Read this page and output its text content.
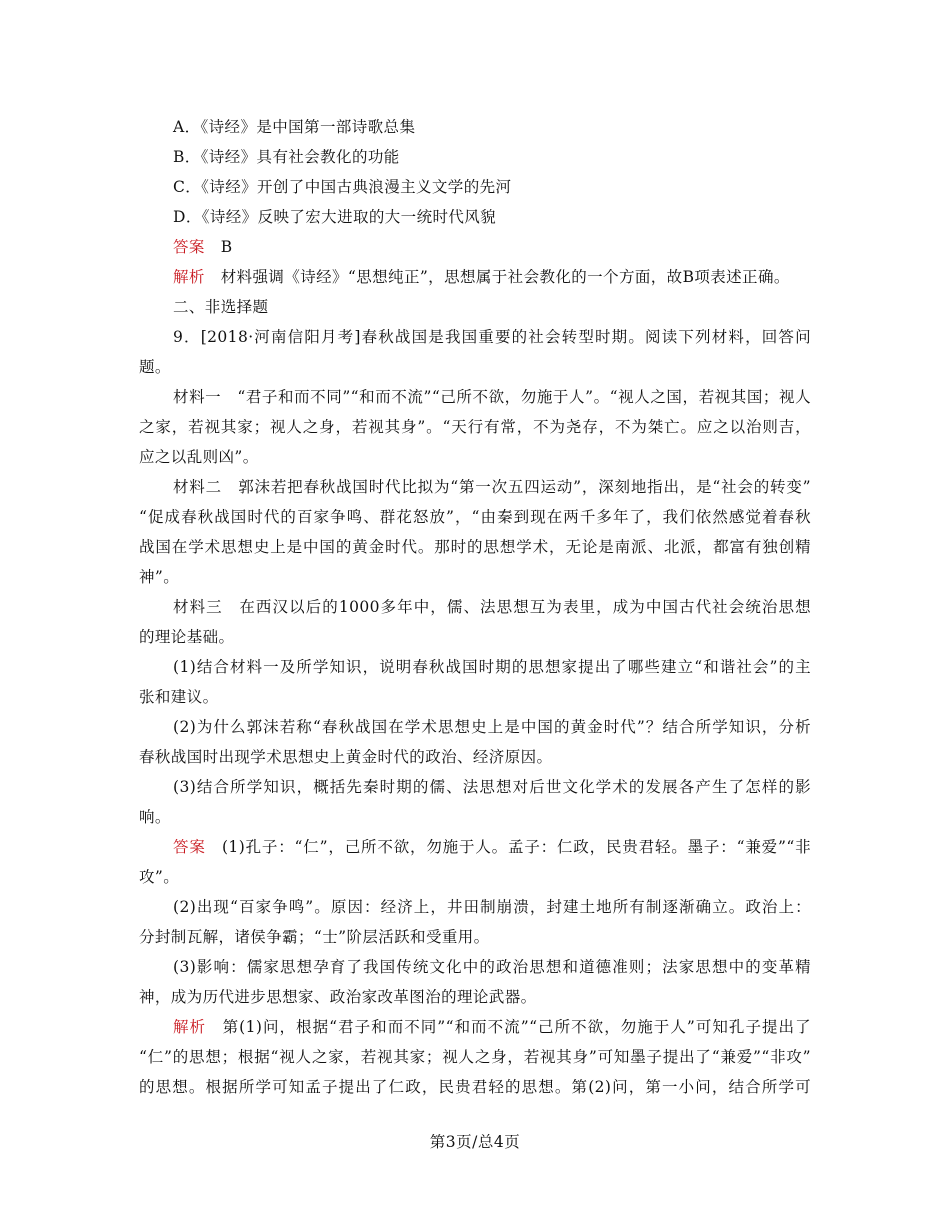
A．《诗经》是中国第一部诗歌总集
B．《诗经》具有社会教化的功能
C．《诗经》开创了中国古典浪漫主义文学的先河
D．《诗经》反映了宏大进取的大一统时代风貌
答案　 B
解析　 材料强调《诗经》“思想纯正”，思想属于社会教化的一个方面，故B项表述正确。
二、非选择题
9．[2018·河南信阳月考]春秋战国是我国重要的社会转型时期。阅读下列材料，回答问
题。
材料一　“君子和而不同”“和而不流”“己所不欲，勿施于人”。“视人之国，若视其国；视人
之家，若视其家；视人之身，若视其身”。“天行有常，不为尧存，不为桀亡。应之以治则吉，
应之以乱则凶”。
材料二　郭沫若把春秋战国时代比拟为“第一次五四运动”，深刻地指出，是“社会的转变”
“促成春秋战国时代的百家争鸣、群花怒放”，“由秦到现在两千多年了，我们依然感觉着春秋
战国在学术思想史上是中国的黄金时代。那时的思想学术，无论是南派、北派，都富有独创精
神”。
材料三　在西汉以后的1000多年中，儒、法思想互为表里，成为中国古代社会统治思想
的理论基础。
(1)结合材料一及所学知识，说明春秋战国时期的思想家提出了哪些建立“和谐社会”的主
张和建议。
(2)为什么郭沫若称“春秋战国在学术思想史上是中国的黄金时代”？结合所学知识，分析
春秋战国时出现学术思想史上黄金时代的政治、经济原因。
(3)结合所学知识，概括先秦时期的儒、法思想对后世文化学术的发展各产生了怎样的影
响。
答案　 (1)孔子：“仁”，己所不欲，勿施于人。孟子：仁政，民贵君轻。墨子：“兼爱”“非
攻”。
(2)出现“百家争鸣”。原因：经济上，井田制崩溃，封建土地所有制逐渐确立。政治上：
分封制瓦解，诸侯争霸；“士”阶层活跃和受重用。
(3)影响：儒家思想孕育了我国传统文化中的政治思想和道德准则；法家思想中的变革精
神，成为历代进步思想家、政治家改革图治的理论武器。
解析　 第(1)问，根据“君子和而不同”“和而不流”“己所不欲，勿施于人”可知孔子提出了
“仁”的思想；根据“视人之家，若视其家；视人之身，若视其身”可知墨子提出了“兼爱”“非攻”
的思想。根据所学可知孟子提出了仁政，民贵君轻的思想。第(2)问，第一小问，结合所学可
第3页/总4页
